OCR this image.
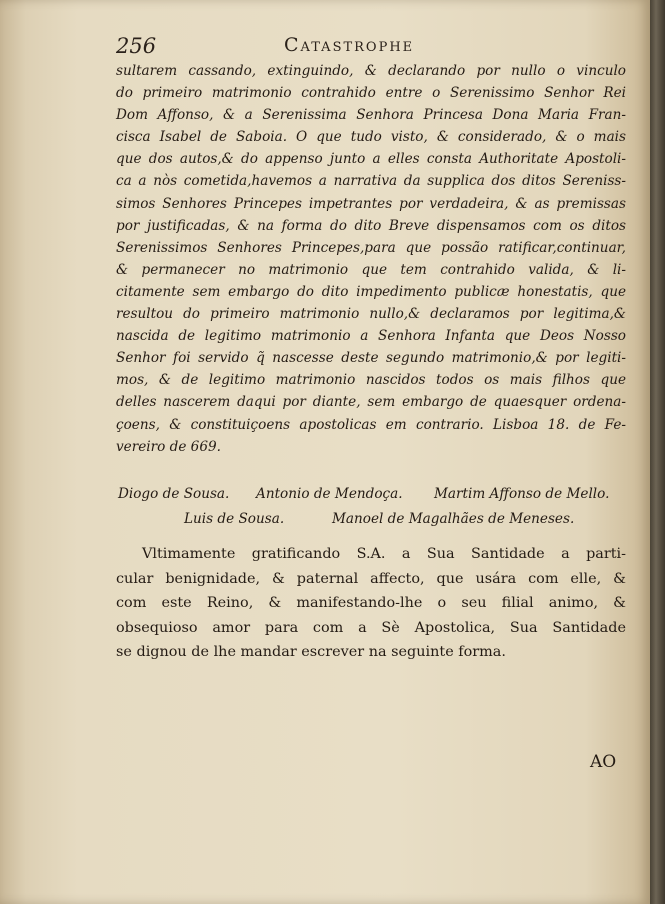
256	Catastrophe
sultarem cassando, extinguindo, & declarando por nullo o vinculo
do primeiro matrimonio contrahido entre o Serenissimo Senhor Rei
Dom Affonso, & a Serenissima Senhora Princesa Dona Maria Fran-
cisca Isabel de Saboia. O que tudo visto, & considerado, & o mais
que dos autos,& do appenso junto a elles consta Authoritate Apostoli-
ca a nòs cometida,havemos a narrativa da supplica dos ditos Sereniss-
simos Senhores Princepes impetrantes por verdadeira, & as premissas
por justificadas, & na forma do dito Breve dispensamos com os ditos
Serenissimos Senhores Princepes,para que possão ratificar,continuar,
& permanecer no matrimonio que tem contrahido valida, & li-
citamente sem embargo do dito impedimento publicæ honestatis, que
resultou do primeiro matrimonio nullo,& declaramos por legitima,&
nascida de legitimo matrimonio a Senhora Infanta que Deos Nosso
Senhor foi servido q̃ nascesse deste segundo matrimonio,& por legiti-
mos, & de legitimo matrimonio nascidos todos os mais filhos que
delles nascerem daqui por diante, sem embargo de quaesquer ordena-
çoens, & constituiçoens apostolicas em contrario. Lisboa 18. de Fe-
vereiro de 669.
Diogo de Sousa. Antonio de Mendoça. Martim Affonso de Mello.
Luis de Sousa.	Manoel de Magalhães de Meneses.
Vltimamente gratificando S.A. a Sua Santidade a parti-
cular benignidade, & paternal affecto, que usára com elle, &
com este Reino, & manifestando-lhe o seu filial animo, &
obsequioso amor para com a Sè Apostolica, Sua Santidade
se dignou de lhe mandar escrever na seguinte forma.
AO
